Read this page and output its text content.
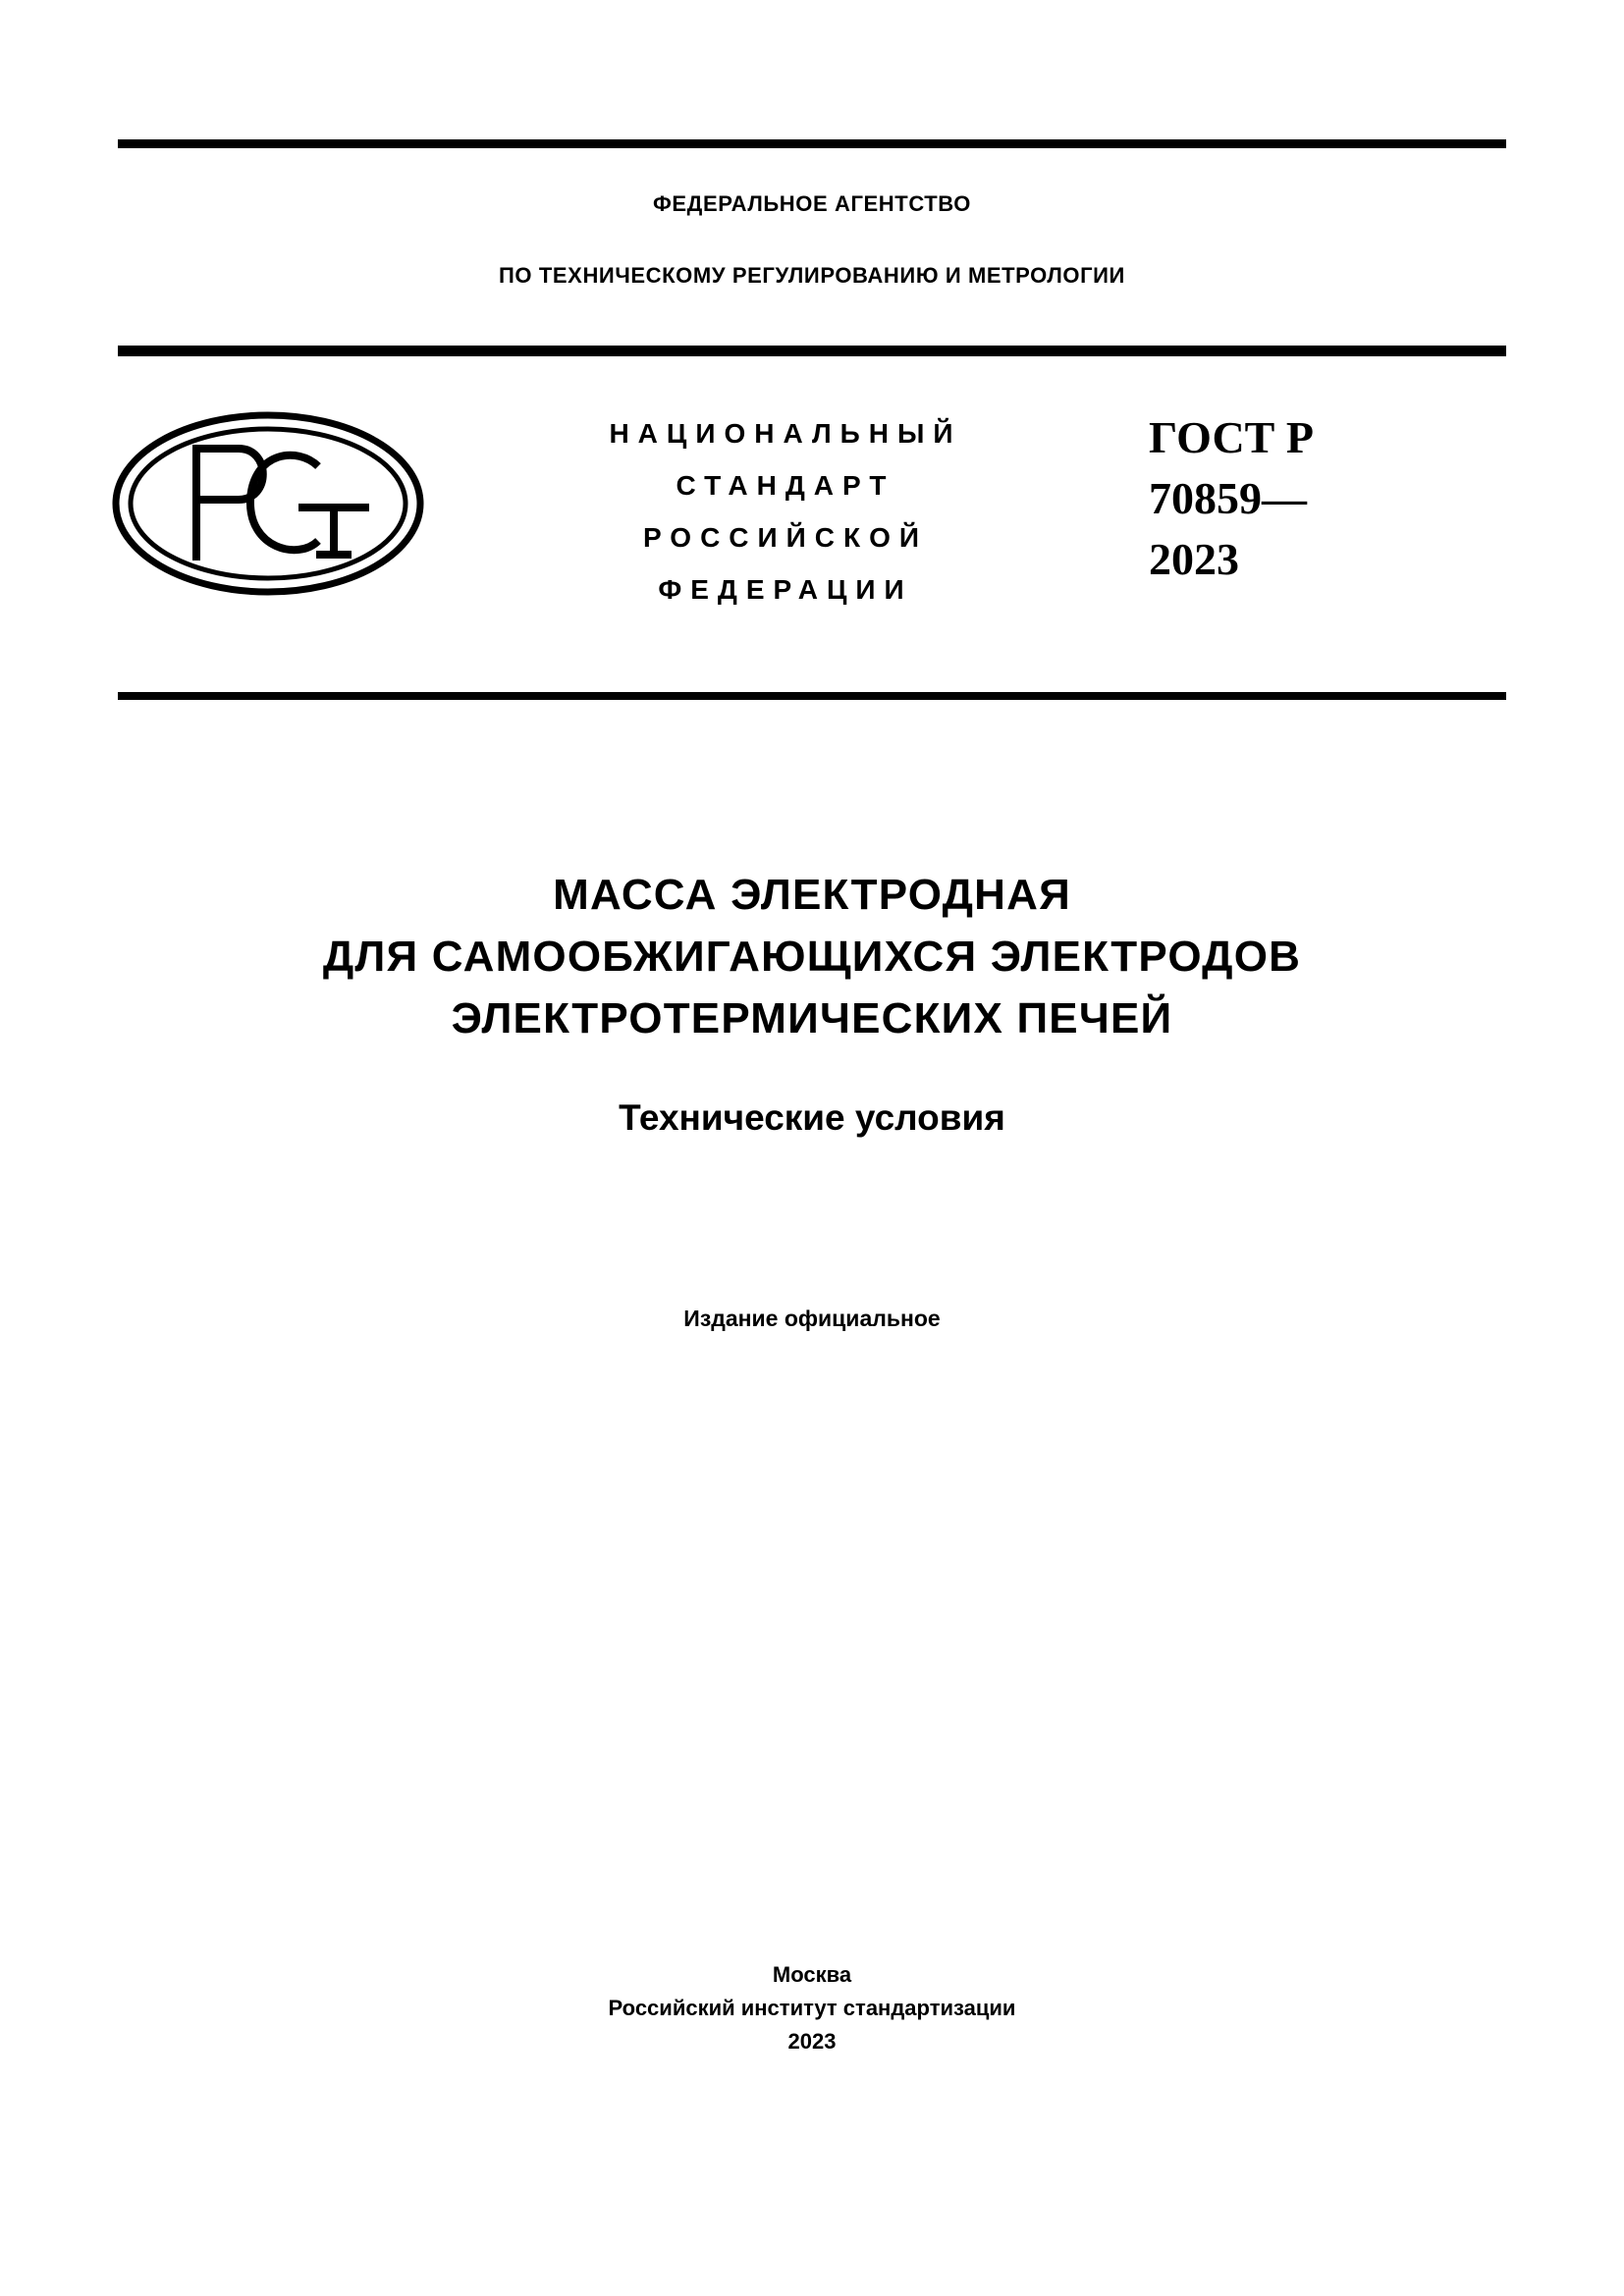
ФЕДЕРАЛЬНОЕ АГЕНТСТВО
ПО ТЕХНИЧЕСКОМУ РЕГУЛИРОВАНИЮ И МЕТРОЛОГИИ
НАЦИОНАЛЬНЫЙ
СТАНДАРТ
РОССИЙСКОЙ
ФЕДЕРАЦИИ
ГОСТ Р
70859—
2023
МАССА ЭЛЕКТРОДНАЯ
ДЛЯ САМООБЖИГАЮЩИХСЯ ЭЛЕКТРОДОВ
ЭЛЕКТРОТЕРМИЧЕСКИХ ПЕЧЕЙ
Технические условия
Издание официальное
Москва
Российский институт стандартизации
2023
